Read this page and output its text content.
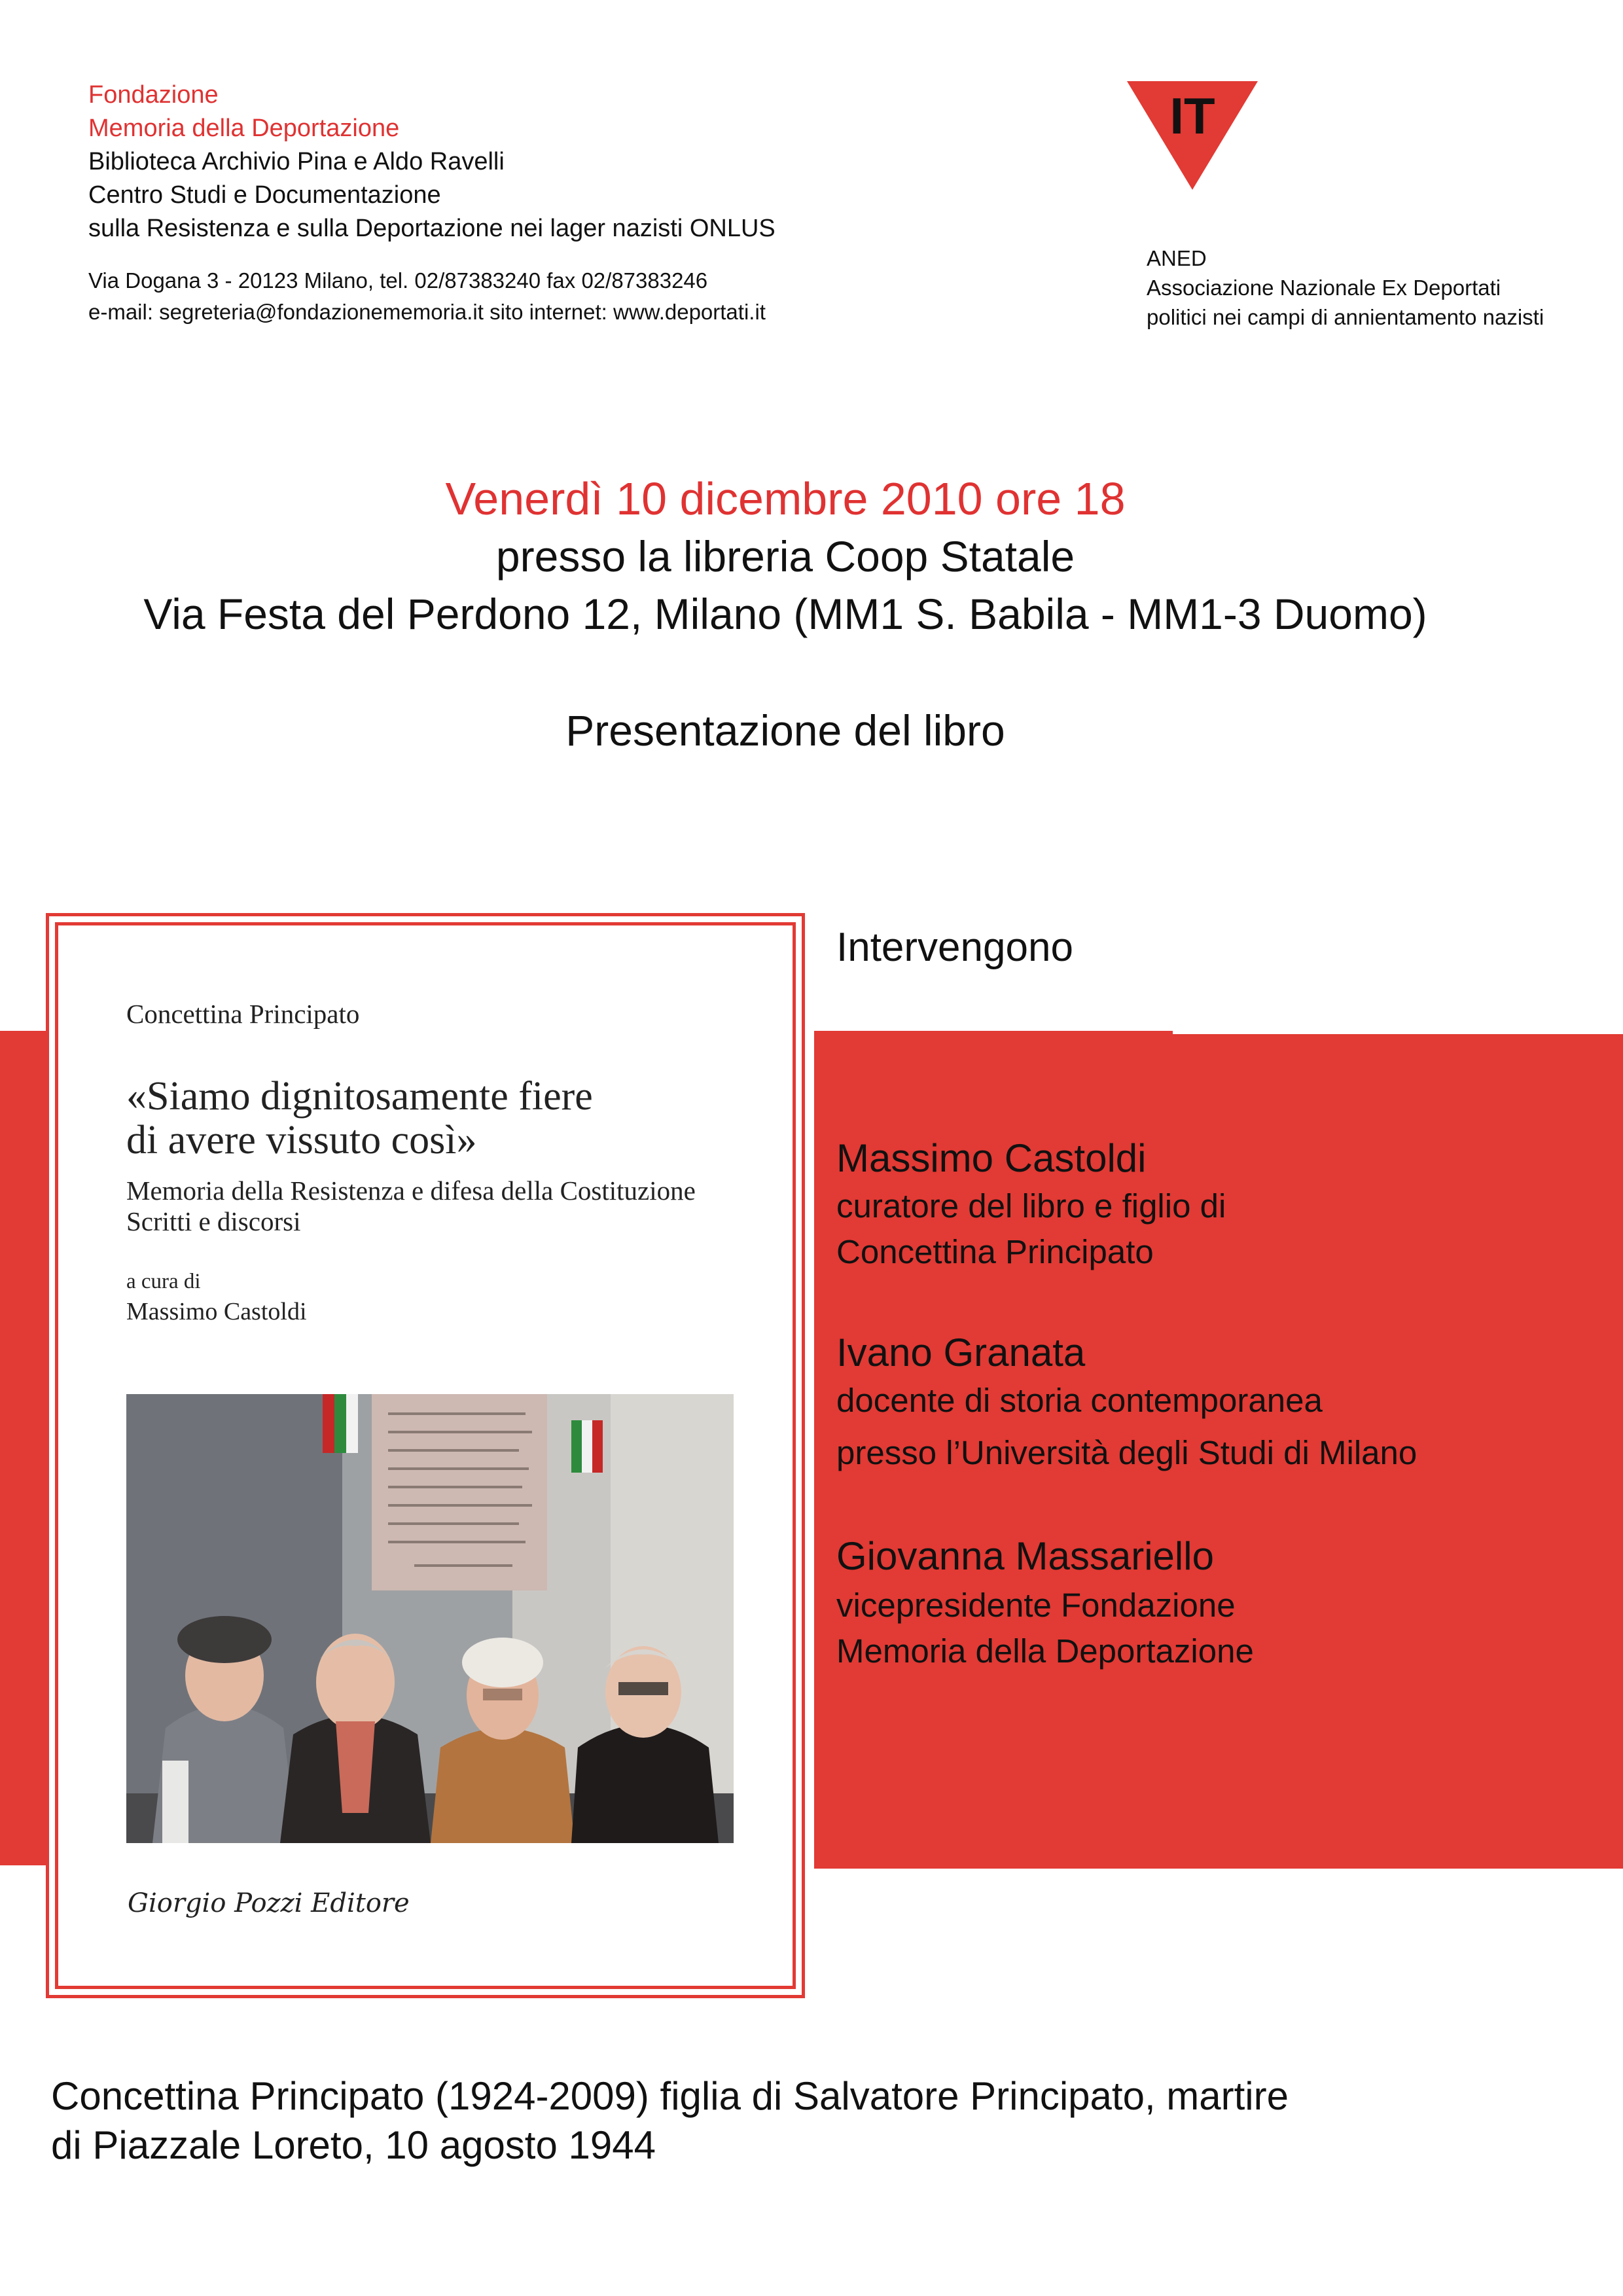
Fondazione
Memoria della Deportazione
Biblioteca Archivio Pina e Aldo Ravelli
Centro Studi e Documentazione
sulla Resistenza e sulla Deportazione nei lager nazisti ONLUS
Via Dogana 3 - 20123 Milano, tel. 02/87383240 fax 02/87383246
e-mail: segreteria@fondazionememoria.it sito internet: www.deportati.it
IT
ANED
Associazione Nazionale Ex Deportati
politici nei campi di annientamento nazisti
Venerdì 10 dicembre 2010 ore 18
presso la libreria Coop Statale
Via Festa del Perdono 12, Milano (MM1 S. Babila - MM1-3 Duomo)
Presentazione del libro
Concettina Principato
«Siamo dignitosamente fiere
di avere vissuto così»
Memoria della Resistenza e difesa della Costituzione
Scritti e discorsi
a cura di
Massimo Castoldi
Giorgio Pozzi Editore
Intervengono
Massimo Castoldi
curatore del libro e figlio di
Concettina Principato
Ivano Granata
docente di storia contemporanea
presso l’Università degli Studi di Milano
Giovanna Massariello
vicepresidente Fondazione
Memoria della Deportazione
Concettina Principato (1924-2009) figlia di Salvatore Principato, martire
di Piazzale Loreto, 10 agosto 1944
